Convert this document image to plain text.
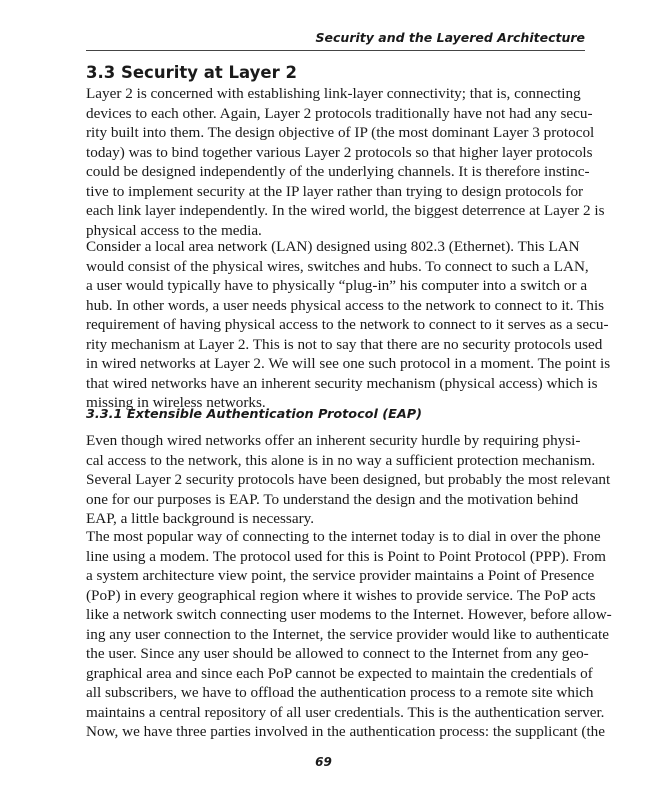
Security and the Layered Architecture
3.3 Security at Layer 2

Layer 2 is concerned with establishing link-layer connectivity; that is, connecting
devices to each other. Again, Layer 2 protocols traditionally have not had any secu-
rity built into them. The design objective of IP (the most dominant Layer 3 protocol
today) was to bind together various Layer 2 protocols so that higher layer protocols
could be designed independently of the underlying channels. It is therefore instinc-
tive to implement security at the IP layer rather than trying to design protocols for
each link layer independently. In the wired world, the biggest deterrence at Layer 2 is
physical access to the media.

Consider a local area network (LAN) designed using 802.3 (Ethernet). This LAN
would consist of the physical wires, switches and hubs. To connect to such a LAN,
a user would typically have to physically “plug-in” his computer into a switch or a
hub. In other words, a user needs physical access to the network to connect to it. This
requirement of having physical access to the network to connect to it serves as a secu-
rity mechanism at Layer 2. This is not to say that there are no security protocols used
in wired networks at Layer 2. We will see one such protocol in a moment. The point is
that wired networks have an inherent security mechanism (physical access) which is
missing in wireless networks.

3.3.1 Extensible Authentication Protocol (EAP)

Even though wired networks offer an inherent security hurdle by requiring physi-
cal access to the network, this alone is in no way a sufficient protection mechanism.
Several Layer 2 security protocols have been designed, but probably the most relevant
one for our purposes is EAP. To understand the design and the motivation behind
EAP, a little background is necessary.

The most popular way of connecting to the internet today is to dial in over the phone
line using a modem. The protocol used for this is Point to Point Protocol (PPP). From
a system architecture view point, the service provider maintains a Point of Presence
(PoP) in every geographical region where it wishes to provide service. The PoP acts
like a network switch connecting user modems to the Internet. However, before allow-
ing any user connection to the Internet, the service provider would like to authenticate
the user. Since any user should be allowed to connect to the Internet from any geo-
graphical area and since each PoP cannot be expected to maintain the credentials of
all subscribers, we have to offload the authentication process to a remote site which
maintains a central repository of all user credentials. This is the authentication server.
Now, we have three parties involved in the authentication process: the supplicant (the

69
